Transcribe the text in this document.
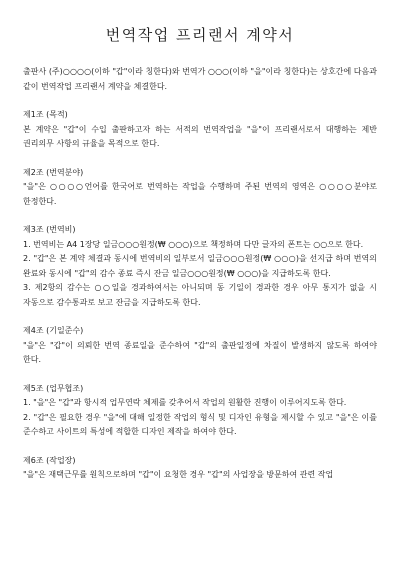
번역작업 프리랜서 계약서

출판사 (주)○○○○(이하 "갑"이라 칭한다)와 번역가 ○○○(이하 "을"이라 칭한다)는 상호간에 다음과 같이 번역작업 프리랜서 계약을 체결한다.

제1조 (목적)

본 계약은 "갑"이 수입 출판하고자 하는 서적의 번역작업을 "을"이 프리랜서로서 대행하는 제반 권리의무 사항의 규율을 목적으로 한다.

제2조 (번역분야)

"을"은 ○○○○언어를 한국어로 번역하는 작업을 수행하며 주된 번역의 영역은 ○○○○분야로 한정한다.

제3조 (번역비)

1. 번역비는 A4 1장당 일금○○○원정(₩ ○○○)으로 책정하며 다만 글자의 폰트는 ○○으로 한다.

2. "갑"은 본 계약 체결과 동시에 번역비의 일부로서 일금○○○원정(₩ ○○○)을 선지급 하며 번역의 완료와 동시에 "갑"의 감수 종료 즉시 잔금 일금○○○원정(₩ ○○○)을 지급하도록 한다.

3. 제2항의 감수는 ○○일을 경과하여서는 아니되며 동 기일이 경과한 경우 아무 통지가 없을 시 자동으로 감수통과로 보고 잔금을 지급하도록 한다.

제4조 (기일준수)

"을"은 "갑"이 의뢰한 번역 종료일을 준수하여 "갑"의 출판일정에 차질이 발생하지 않도록 하여야 한다.

제5조 (업무협조)

1. "을"은 "갑"과 항시적 업무연락 체제를 갖추어서 작업의 원활한 진행이 이루어지도록 한다.

2. "갑"은 필요한 경우 "을"에 대해 일정한 작업의 형식 및 디자인 유형을 제시할 수 있고 "을"은 이를 준수하고 사이트의 특성에 적합한 디자인 제작을 하여야 한다.

제6조 (작업장)

"을"은 재택근무를 원칙으로하며 "갑"이 요청한 경우 "갑"의 사업장을 방문하여 관련 작업
